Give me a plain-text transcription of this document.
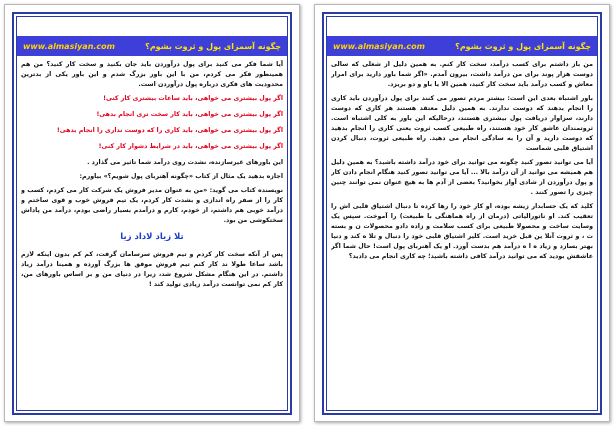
www.almasiyan.com	چگونه آسمزای پول و ثروت بشوم؟

آیا شما فکر می کنید برای پول درآوردن باید جان بکنید و سخت کار کنید؟ من هم همینطور فکر می کردم، من با این باور بزرگ شدم و این باور یکی از بدترین محدودیت های فکری درباره پول درآوردن است.

اگر پول بیشتری می خواهی، باید ساعات بیشتری کار کنی!

اگر پول بیشتری می خواهی، باید کار سخت تری انجام بدهی!

اگر پول بیشتری می خواهی، باید کاری را که دوست نداری را انجام بدهی!

اگر پول بیشتری می خواهی، باید در شرایط دشوار کار کنی!

این باورهای غیرسازنده، نشدت روی درآمد شما تاثیر می گذارد .

اجازه بدهید یک مثال از کتاب «چگونه آهنربای پول شویم؟» بیاورم:

نویسنده کتاب می گوید: «من به عنوان مدیر فروش یک شرکت کار می کردم، کسب و کار را از صفر راه اندازی و بشدت کار کردم، یک تیم فروش خوب و قوی ساختم و درآمد خوبی هم داشتم، از خودم، کارم و درآمدم بسیار راضی بودم، درآمد من پاداش سختکوشی من بود.

تلا زیاد لاداد زیا

پس از آنکه سخت کار کردم و تیم فروش سرسامان گرفت، کم کم بدون اینکه لازم باشد ساعا طولا ند کار کنم تیم فروش موفق ها بزرگ آورده و همینا درآمد زیاد داشتم. در این هنگام مشکل شروع شد، زیرا در دنیای من و بر اساس باورهای من، کار کم نمی توانست درآمد زیادی تولید کند !

www.almasiyan.com	چگونه آسمزای پول و ثروت بشوم؟

من باز داشتم برای کسب درآمد، سخت کار کنم. به همین دلیل از شغلی که سالی دوست هزار پوند برای من درآمد داشت، بیرون آمدم. «اگر شما باور دارید برای امرار معاش و کسب درآمد باید سخت کار کنید، همین الا یا باو و دو بریزد.

باور اشتباه بعدی این است: بیشتر مردم تصور می کنند برای پول درآوردن باید کاری را انجام بدهند که دوست ندارند. به همین دلیل معتقد هستند هر کاری که دوست دارند، سزاوار دریافت پول بیشتری هستند، درحالیکه این باور به کلی اشتباه است. ثروتمندان عاشق کار خود هستند، راه طبیعی کسب ثروت یعنی کاری را انجام بدهید که دوست دارید و آن را به سادگی انجام می دهید. راه طبیعی ثروت، دنبال کردن اشتیاق قلبی شماست

آیا می توانید تصور کنید چگونه می توانید برای خود درآمد داشته باشید؟ به همین دلیل هم همیشه می توانید از آن درآمد بالا ... آیا می توانید تصور کنید هنگام انجام دادن کار و پول درآوردن از شادی آواز بخوانید؟ بعضی از آدم ها به هیچ عنوان نمی توانند چنین چیزی را تصور کنند .

کلید که یک حسابدار زیشه بوده، او کار خود را رها کرده تا دنبال اشتیاق قلبی اش را تعقیب کند. او ناتورالیاتی (درمان از راه هماهنگی با طبیعت) را آموخت. سپس یک وسایت ساخت و محصولا طبیعی برای کسب سلامت و زاده دادو محصولات ن و بسته ت ، و ثروت آنلا ین قبل خرید است. کلیر اشتیاق قلبی خود را دنبال و تلا ه کند و دنیا بهتر بسازد و زیاد ه ا ه درآمد هم بدست آورد. او یک آهنربای پول است! حال شما اگر عاشقش بودید که می توانید درآمد کافی داشته باشید؛ چه کاری انجام می دادید؟
